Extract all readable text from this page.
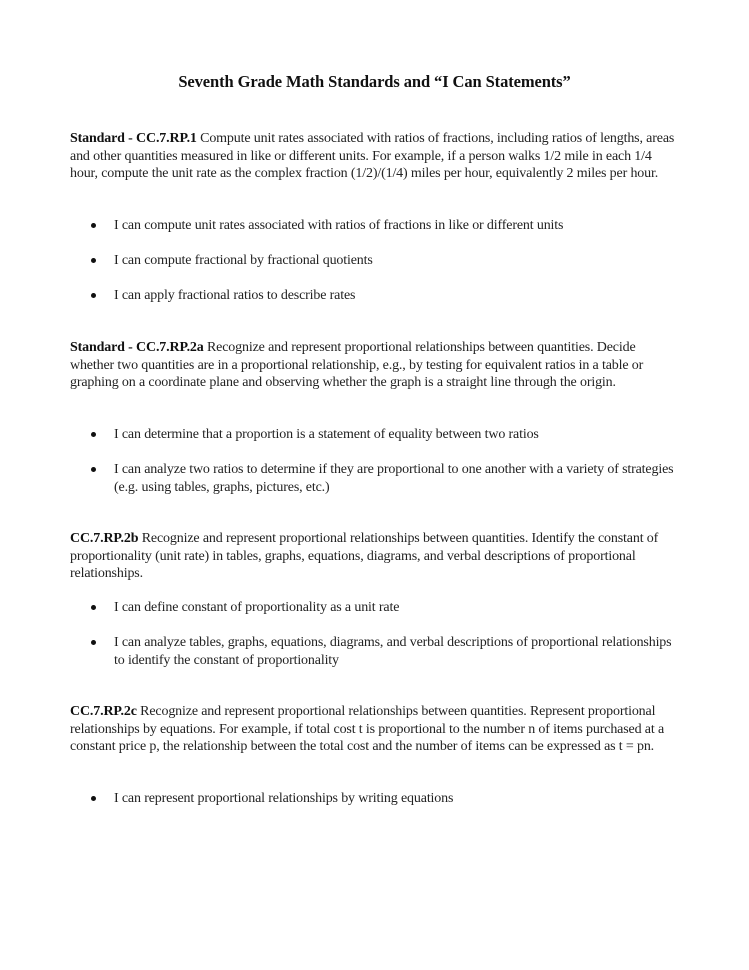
Seventh Grade Math Standards and “I Can Statements”

Standard - CC.7.RP.1 Compute unit rates associated with ratios of fractions, including ratios of lengths, areas and other quantities measured in like or different units. For example, if a person walks 1/2 mile in each 1/4 hour, compute the unit rate as the complex fraction (1/2)/(1/4) miles per hour, equivalently 2 miles per hour.

I can compute unit rates associated with ratios of fractions in like or different units
I can compute fractional by fractional quotients
I can apply fractional ratios to describe rates

Standard - CC.7.RP.2a Recognize and represent proportional relationships between quantities. Decide whether two quantities are in a proportional relationship, e.g., by testing for equivalent ratios in a table or graphing on a coordinate plane and observing whether the graph is a straight line through the origin.

I can determine that a proportion is a statement of equality between two ratios
I can analyze two ratios to determine if they are proportional to one another with a variety of strategies (e.g. using tables, graphs, pictures, etc.)

CC.7.RP.2b Recognize and represent proportional relationships between quantities. Identify the constant of proportionality (unit rate) in tables, graphs, equations, diagrams, and verbal descriptions of proportional relationships.

I can define constant of proportionality as a unit rate
I can analyze tables, graphs, equations, diagrams, and verbal descriptions of proportional relationships to identify the constant of proportionality

CC.7.RP.2c Recognize and represent proportional relationships between quantities. Represent proportional relationships by equations. For example, if total cost t is proportional to the number n of items purchased at a constant price p, the relationship between the total cost and the number of items can be expressed as t = pn.

I can represent proportional relationships by writing equations
